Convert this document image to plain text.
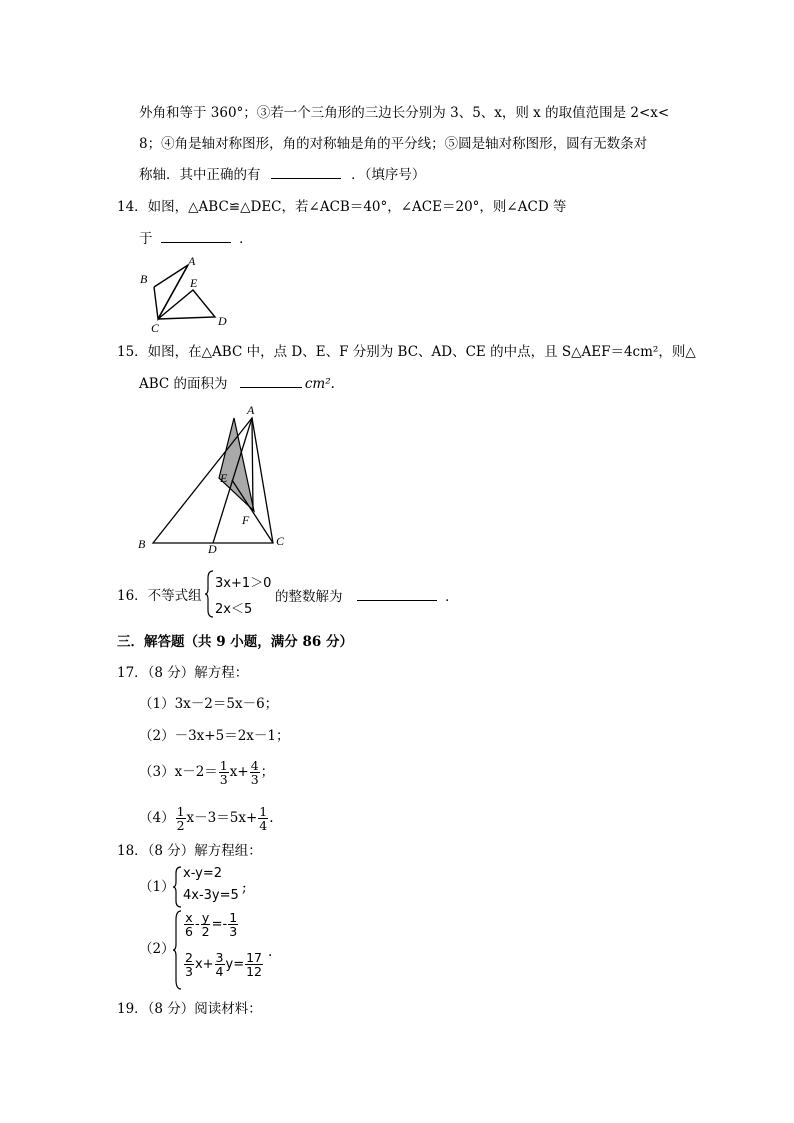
外角和等于 360°；③若一个三角形的三边长分别为 3、5、x，则 x 的取值范围是 2<x<
8；④角是轴对称图形，角的对称轴是角的平分线；⑤圆是轴对称图形，圆有无数条对
称轴．其中正确的有	．（填序号）
14．如图，△ABC≌△DEC，若∠ACB＝40°，∠ACE＝20°，则∠ACD 等
于	．
B
A
E
C	D
15．如图，在△ABC 中，点 D、E、F 分别为 BC、AD、CE 的中点，且 S△AEF＝4cm²，则△
ABC 的面积为	cm².
A
E
F
B	D
C
16．不等式组
3x+1＞0
2x＜5
的整数解为	．
三．解答题（共 9 小题，满分 86 分）
17．（8 分）解方程：
（1）3x－2＝5x－6；
（2）－3x+5＝2x－1；
$(3)x-2= \frac{1}{3} x+ \frac{4}{3}$ ；
$(4) \frac{1}{2} x-3=5x+ \frac{1}{4}$ .
18．（8 分）解方程组：
（1）
x-y=2
4x-3y=5 ;
（2）
$\frac{x}{6} - \frac{y}{2} =- \frac{1}{3}$
$\frac{2}{3} x+ \frac{3}{4} y= \frac{17}{12}$ .
19．（8 分）阅读材料：
